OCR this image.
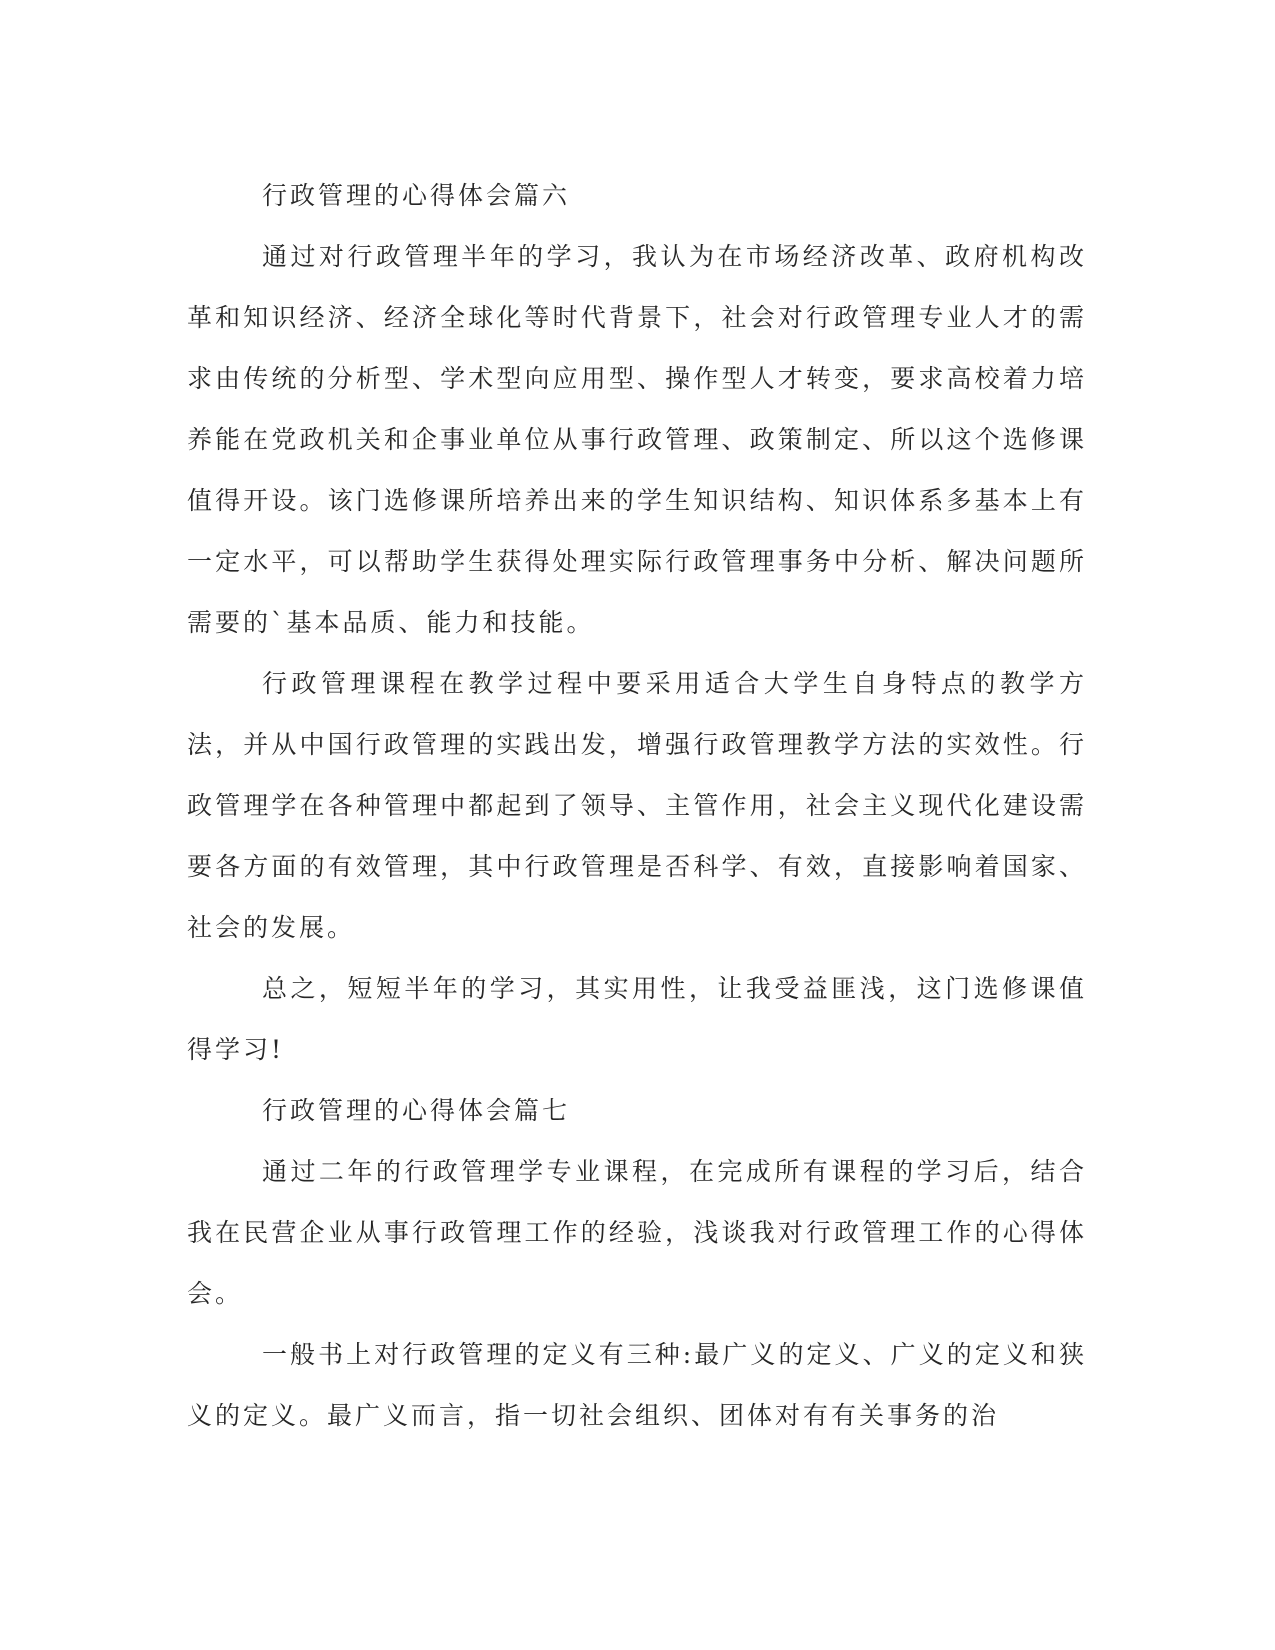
行政管理的心得体会篇六

通过对行政管理半年的学习，我认为在市场经济改革、政府机构改革和知识经济、经济全球化等时代背景下，社会对行政管理专业人才的需求由传统的分析型、学术型向应用型、操作型人才转变，要求高校着力培养能在党政机关和企事业单位从事行政管理、政策制定、所以这个选修课值得开设。该门选修课所培养出来的学生知识结构、知识体系多基本上有一定水平，可以帮助学生获得处理实际行政管理事务中分析、解决问题所需要的`基本品质、能力和技能。

行政管理课程在教学过程中要采用适合大学生自身特点的教学方法，并从中国行政管理的实践出发，增强行政管理教学方法的实效性。行政管理学在各种管理中都起到了领导、主管作用，社会主义现代化建设需要各方面的有效管理，其中行政管理是否科学、有效，直接影响着国家、社会的发展。

总之，短短半年的学习，其实用性，让我受益匪浅，这门选修课值得学习!

行政管理的心得体会篇七

通过二年的行政管理学专业课程，在完成所有课程的学习后，结合我在民营企业从事行政管理工作的经验，浅谈我对行政管理工作的心得体会。

一般书上对行政管理的定义有三种:最广义的定义、广义的定义和狭义的定义。最广义而言，指一切社会组织、团体对有有关事务的治
